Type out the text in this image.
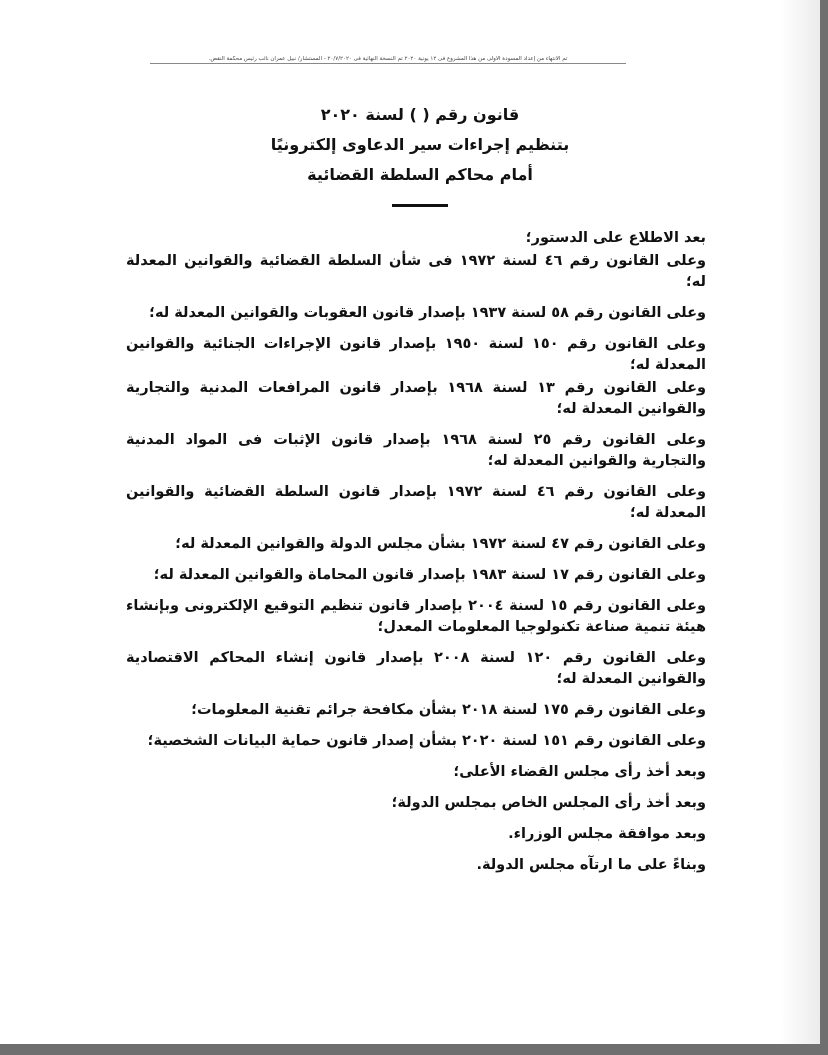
تم الانتهاء من إعداد المسودة الأولى من هذا المشروع فى ١٢ يونية ٢٠٢٠ تم النسخة النهائية فى ٢٠/٧/٢٠٢٠ - المستشار/ نبيل عمران نائب رئيس محكمة النقض.
قانون رقم ( ) لسنة ٢٠٢٠
بتنظيم إجراءات سير الدعاوى إلكترونيًا
أمام محاكم السلطة القضائية

بعد الاطلاع على الدستور؛

وعلى القانون رقم ٤٦ لسنة ١٩٧٢ فى شأن السلطة القضائية والقوانين المعدلة له؛

وعلى القانون رقم ٥٨ لسنة ١٩٣٧ بإصدار قانون العقوبات والقوانين المعدلة له؛

وعلى القانون رقم ١٥٠ لسنة ١٩٥٠ بإصدار قانون الإجراءات الجنائية والقوانين المعدلة له؛

وعلى القانون رقم ١٣ لسنة ١٩٦٨ بإصدار قانون المرافعات المدنية والتجارية والقوانين المعدلة له؛

وعلى القانون رقم ٢٥ لسنة ١٩٦٨ بإصدار قانون الإثبات فى المواد المدنية والتجارية والقوانين المعدلة له؛

وعلى القانون رقم ٤٦ لسنة ١٩٧٢ بإصدار قانون السلطة القضائية والقوانين المعدلة له؛

وعلى القانون رقم ٤٧ لسنة ١٩٧٢ بشأن مجلس الدولة والقوانين المعدلة له؛

وعلى القانون رقم ١٧ لسنة ١٩٨٣ بإصدار قانون المحاماة والقوانين المعدلة له؛

وعلى القانون رقم ١٥ لسنة ٢٠٠٤ بإصدار قانون تنظيم التوقيع الإلكترونى وبإنشاء هيئة تنمية صناعة تكنولوجيا المعلومات المعدل؛

وعلى القانون رقم ١٢٠ لسنة ٢٠٠٨ بإصدار قانون إنشاء المحاكم الاقتصادية والقوانين المعدلة له؛

وعلى القانون رقم ١٧٥ لسنة ٢٠١٨ بشأن مكافحة جرائم تقنية المعلومات؛

وعلى القانون رقم ١٥١ لسنة ٢٠٢٠ بشأن إصدار قانون حماية البيانات الشخصية؛

وبعد أخذ رأى مجلس القضاء الأعلى؛

وبعد أخذ رأى المجلس الخاص بمجلس الدولة؛

وبعد موافقة مجلس الوزراء.

وبناءً على ما ارتآه مجلس الدولة.
